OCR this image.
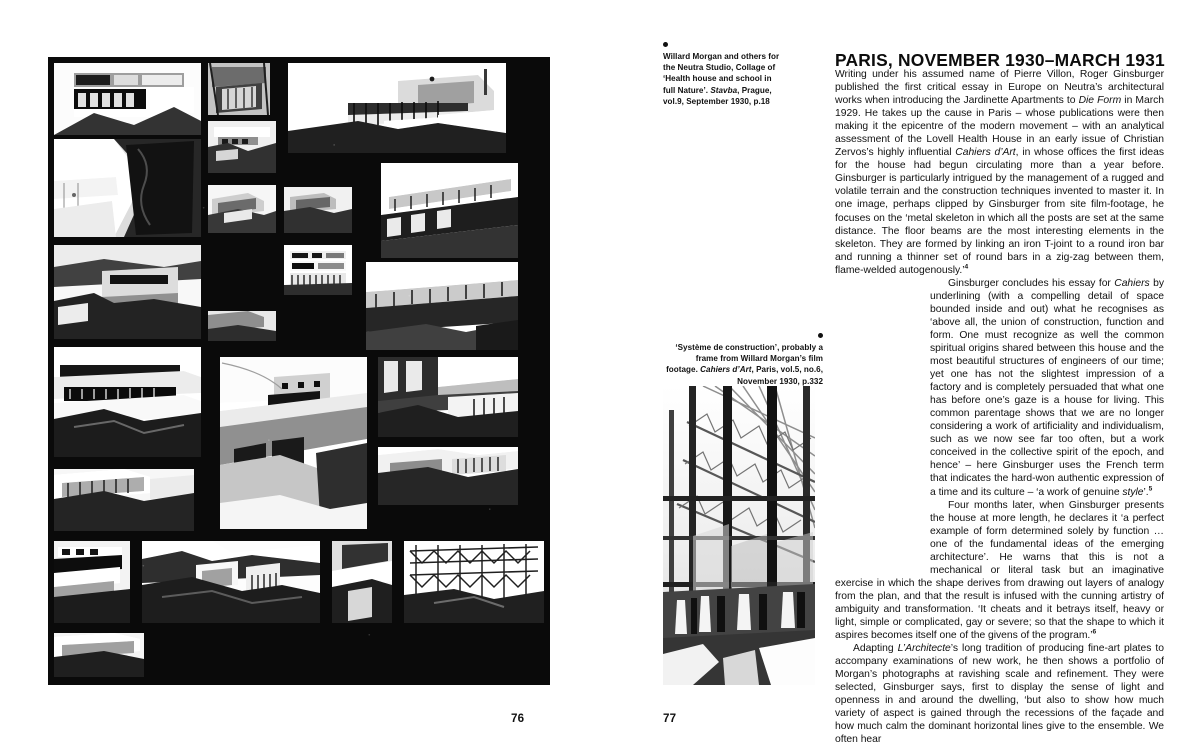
76
Willard Morgan and others for the Neutra Studio, Collage of ‘Health house and school in full Nature’. Stavba, Prague, vol.9, September 1930, p.18
‘Système de construction’, probably a frame from Willard Morgan’s film footage. Cahiers d’Art, Paris, vol.5, no.6, November 1930, p.332
PARIS, NOVEMBER 1930–MARCH 1931

Writing under his assumed name of Pierre Villon, Roger Ginsburger published the first critical essay in Europe on Neutra’s architectural works when introducing the Jardinette Apartments to Die Form in March 1929. He takes up the cause in Paris – whose publications were then making it the epicentre of the modern movement – with an analytical assessment of the Lovell Health House in an early issue of Christian Zervos’s highly influential Cahiers d’Art, in whose offices the first ideas for the house had begun circulating more than a year before. Ginsburger is particularly intrigued by the management of a rugged and volatile terrain and the construction techniques invented to master it. In one image, perhaps clipped by Ginsburger from site film-footage, he focuses on the ‘metal skeleton in which all the posts are set at the same distance. The floor beams are the most interesting elements in the skeleton. They are formed by linking an iron T-joint to a round iron bar and running a thinner set of round bars in a zig-zag between them, flame-welded autogenously.’$^4$

Ginsburger concludes his essay for Cahiers by underlining (with a compelling detail of space bounded inside and out) what he recognises as ‘above all, the union of construction, function and form. One must recognize as well the common spiritual origins shared between this house and the most beautiful structures of engineers of our time; yet one has not the slightest impression of a factory and is completely persuaded that what one has before one’s gaze is a house for living. This common parentage shows that we are no longer considering a work of artificiality and individualism, such as we now see far too often, but a work conceived in the collective spirit of the epoch, and hence’ – here Ginsburger uses the French term that indicates the hard-won authentic expression of a time and its culture – ‘a work of genuine style’.$^5$

Four months later, when Ginsburger presents the house at more length, he declares it ‘a perfect example of form determined solely by function … one of the fundamental ideas of the emerging architecture’. He warns that this is not a mechanical or literal task but an imaginative exercise in which the shape derives from drawing out layers of analogy from the plan, and that the result is infused with the cunning artistry of ambiguity and transformation. ‘It cheats and it betrays itself, heavy or light, simple or complicated, gay or severe; so that the shape to which it aspires becomes itself one of the givens of the program.’$^6$

Adapting L’Architecte’s long tradition of producing fine-art plates to accompany examinations of new work, he then shows a portfolio of Morgan’s photographs at ravishing scale and refinement. They were selected, Ginsburger says, first to display the sense of light and openness in and around the dwelling, ‘but also to show how much variety of aspect is gained through the recessions of the façade and how much calm the dominant horizontal lines give to the ensemble. We often hear

77
